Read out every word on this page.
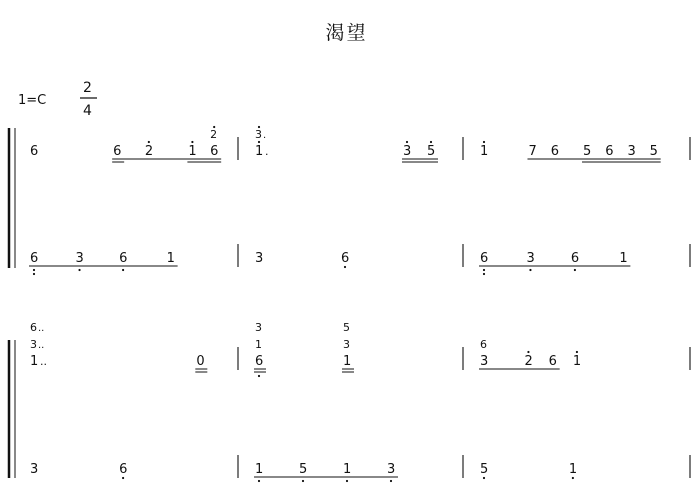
渴望
1=C
2
4
6	6 2	1 6
2
1 .
3 .
3 5	1	7 6 5 6 3 5
6	3	6	1	3	6	6	3	6	1
1 ..
3 ..
6 ..
0	6
1
3
1
3
5
3
6
2 6 1
3	6	1	5	1	3	5	1
